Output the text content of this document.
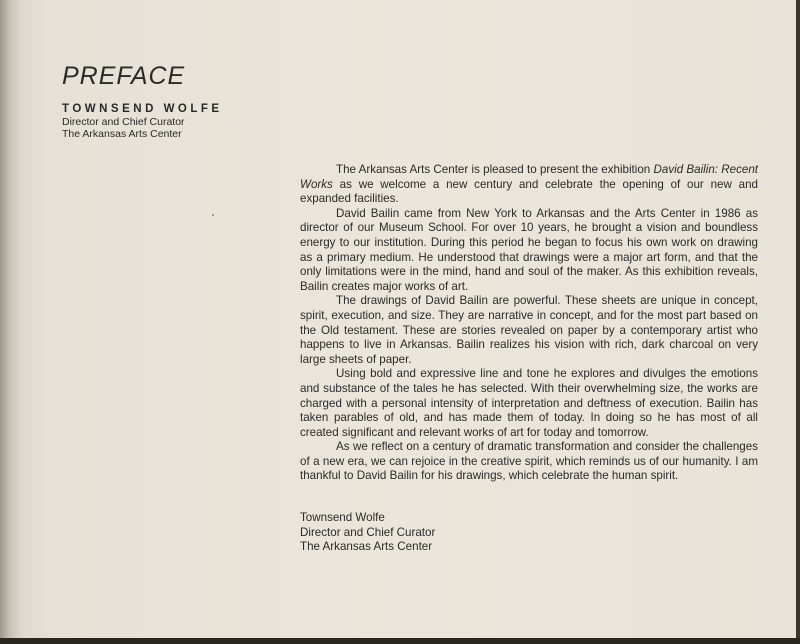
PREFACE
TOWNSEND WOLFE
Director and Chief Curator
The Arkansas Arts Center

The Arkansas Arts Center is pleased to present the exhibition David Bailin: Recent Works as we welcome a new century and celebrate the opening of our new and expanded facilities.

David Bailin came from New York to Arkansas and the Arts Center in 1986 as director of our Museum School. For over 10 years, he brought a vision and boundless energy to our institution. During this period he began to focus his own work on drawing as a primary medium. He understood that drawings were a major art form, and that the only limitations were in the mind, hand and soul of the maker. As this exhibition reveals, Bailin creates major works of art.

The drawings of David Bailin are powerful. These sheets are unique in concept, spirit, execution, and size. They are narrative in concept, and for the most part based on the Old testament. These are stories revealed on paper by a contemporary artist who happens to live in Arkansas. Bailin realizes his vision with rich, dark charcoal on very large sheets of paper.

Using bold and expressive line and tone he explores and divulges the emotions and substance of the tales he has selected. With their overwhelming size, the works are charged with a personal intensity of interpretation and deftness of execution. Bailin has taken parables of old, and has made them of today. In doing so he has most of all created significant and relevant works of art for today and tomorrow.

As we reflect on a century of dramatic transformation and consider the challenges of a new era, we can rejoice in the creative spirit, which reminds us of our humanity. I am thankful to David Bailin for his drawings, which celebrate the human spirit.

Townsend Wolfe
Director and Chief Curator
The Arkansas Arts Center
